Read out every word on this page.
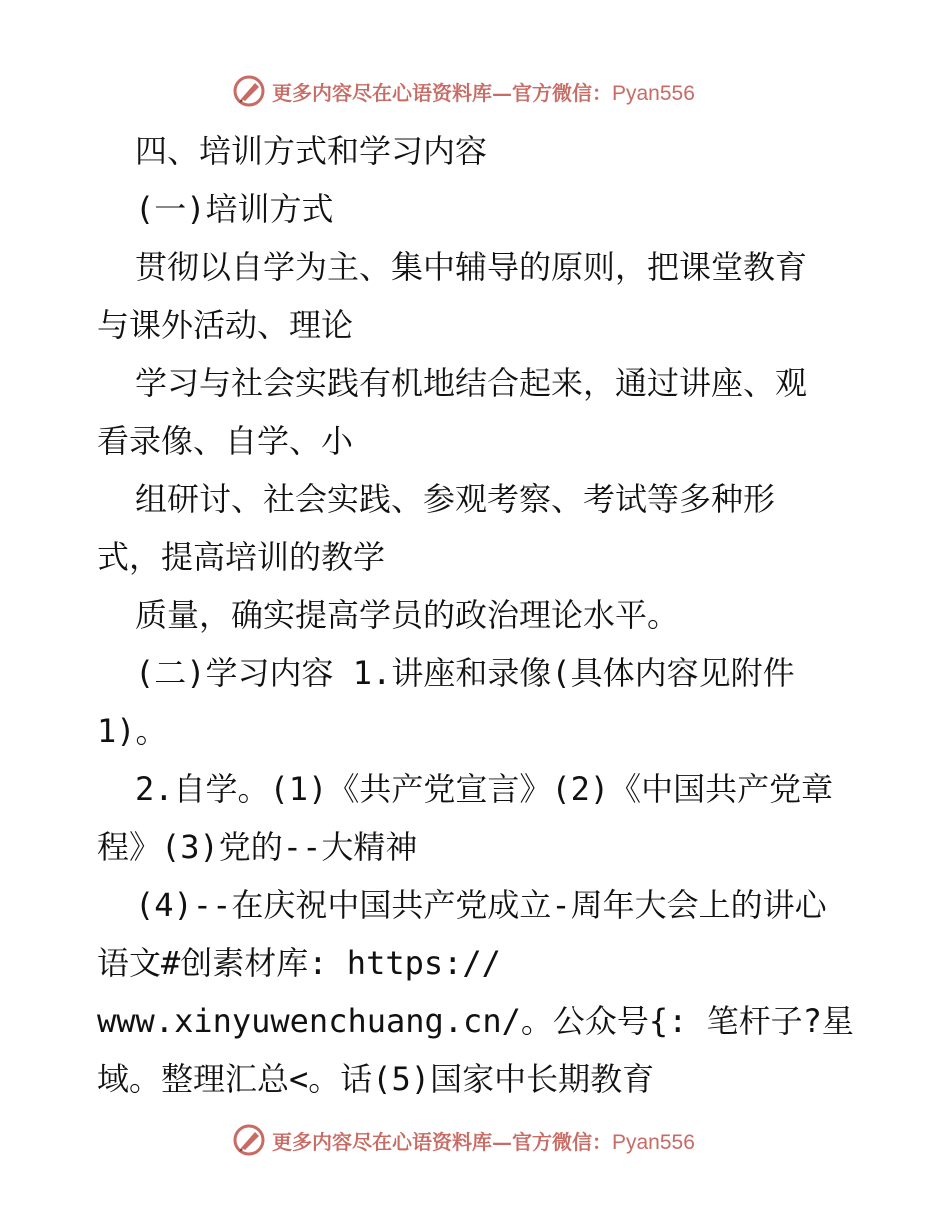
更多内容尽在心语资料库—官方微信：Pyan556
四、培训方式和学习内容
(一)培训方式
贯彻以自学为主、集中辅导的原则，把课堂教育
与课外活动、理论
学习与社会实践有机地结合起来，通过讲座、观
看录像、自学、小
组研讨、社会实践、参观考察、考试等多种形
式，提高培训的教学
质量，确实提高学员的政治理论水平。
(二)学习内容 1.讲座和录像(具体内容见附件
1)。
2.自学。(1)《共产党宣言》(2)《中国共产党章
程》(3)党的--大精神
(4)--在庆祝中国共产党成立-周年大会上的讲心
语文#创素材库: https://
www.xinyuwenchuang.cn/。公众号{: 笔杆子?星
域。整理汇总<。话(5)国家中长期教育
更多内容尽在心语资料库—官方微信：Pyan556
